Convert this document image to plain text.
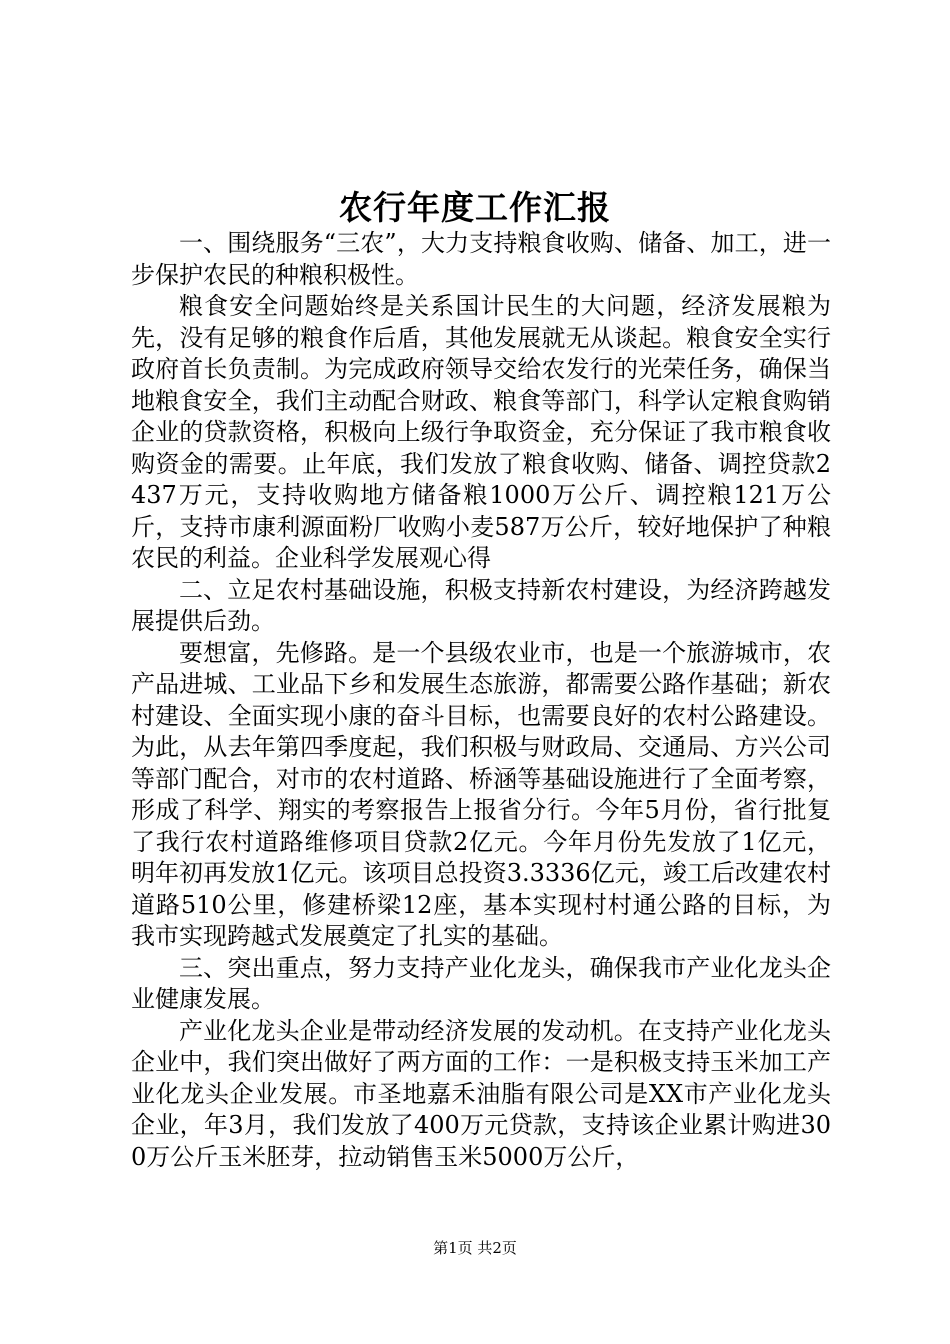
农行年度工作汇报

一、围绕服务“三农”，大力支持粮食收购、储备、加工，进一步保护农民的种粮积极性。

粮食安全问题始终是关系国计民生的大问题，经济发展粮为先，没有足够的粮食作后盾，其他发展就无从谈起。粮食安全实行政府首长负责制。为完成政府领导交给农发行的光荣任务，确保当地粮食安全，我们主动配合财政、粮食等部门，科学认定粮食购销企业的贷款资格，积极向上级行争取资金，充分保证了我市粮食收购资金的需要。止年底，我们发放了粮食收购、储备、调控贷款2437万元，支持收购地方储备粮1000万公斤、调控粮121万公斤，支持市康利源面粉厂收购小麦587万公斤，较好地保护了种粮农民的利益。企业科学发展观心得

二、立足农村基础设施，积极支持新农村建设，为经济跨越发展提供后劲。

要想富，先修路。是一个县级农业市，也是一个旅游城市，农产品进城、工业品下乡和发展生态旅游，都需要公路作基础；新农村建设、全面实现小康的奋斗目标，也需要良好的农村公路建设。为此，从去年第四季度起，我们积极与财政局、交通局、方兴公司等部门配合，对市的农村道路、桥涵等基础设施进行了全面考察，形成了科学、翔实的考察报告上报省分行。今年5月份，省行批复了我行农村道路维修项目贷款2亿元。今年月份先发放了1亿元，明年初再发放1亿元。该项目总投资3.3336亿元，竣工后改建农村道路510公里，修建桥梁12座，基本实现村村通公路的目标，为我市实现跨越式发展奠定了扎实的基础。

三、突出重点，努力支持产业化龙头，确保我市产业化龙头企业健康发展。

产业化龙头企业是带动经济发展的发动机。在支持产业化龙头企业中，我们突出做好了两方面的工作：一是积极支持玉米加工产业化龙头企业发展。市圣地嘉禾油脂有限公司是XX市产业化龙头企业，年3月，我们发放了400万元贷款，支持该企业累计购进300万公斤玉米胚芽，拉动销售玉米5000万公斤，

第1页 共2页
